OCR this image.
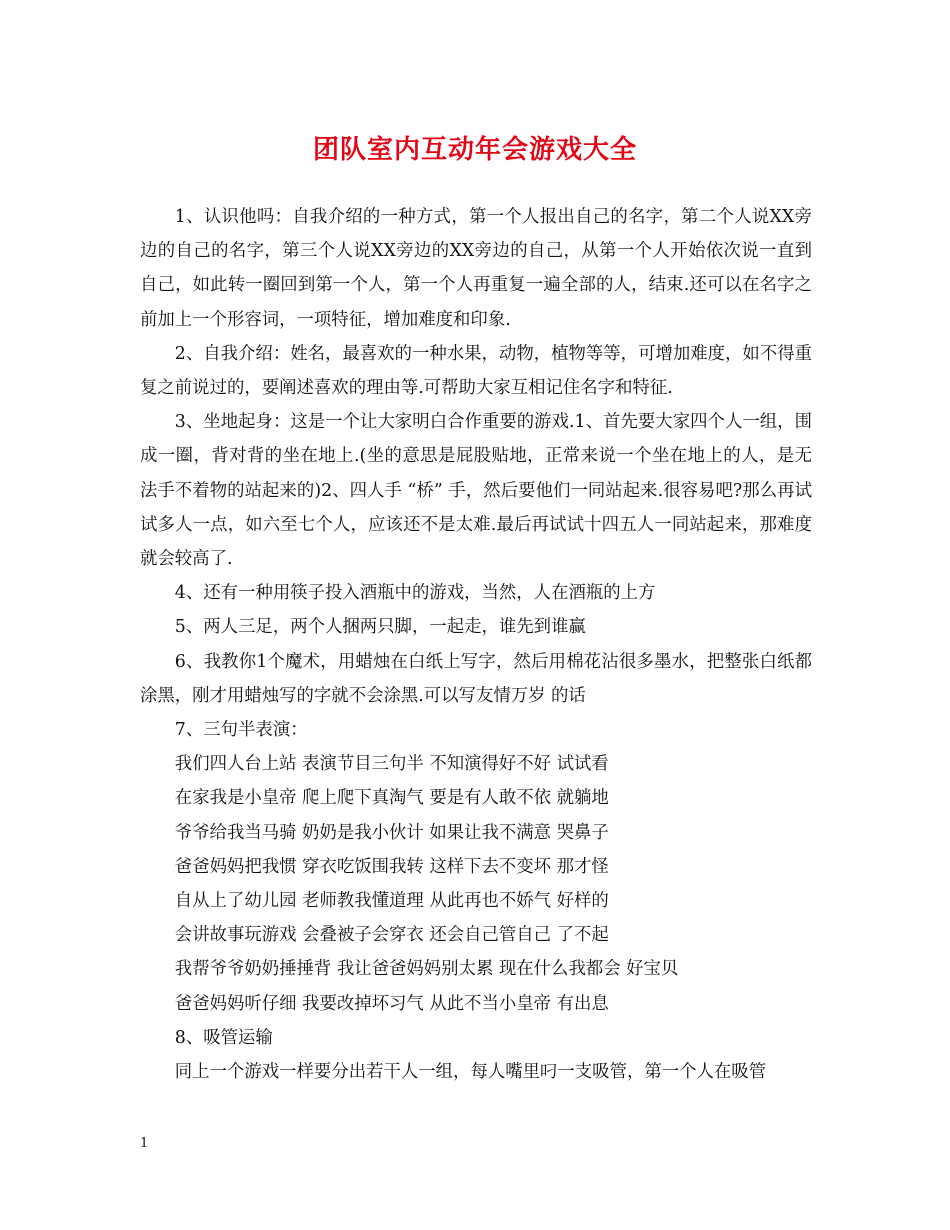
团队室内互动年会游戏大全

1、认识他吗：自我介绍的一种方式，第一个人报出自己的名字，第二个人说XX旁边的自己的名字，第三个人说XX旁边的XX旁边的自己，从第一个人开始依次说一直到自己，如此转一圈回到第一个人，第一个人再重复一遍全部的人，结束.还可以在名字之前加上一个形容词，一项特征，增加难度和印象.

2、自我介绍：姓名，最喜欢的一种水果，动物，植物等等，可增加难度，如不得重复之前说过的，要阐述喜欢的理由等.可帮助大家互相记住名字和特征.

3、坐地起身：这是一个让大家明白合作重要的游戏.1、首先要大家四个人一组，围成一圈，背对背的坐在地上.(坐的意思是屁股贴地，正常来说一个坐在地上的人，是无法手不着物的站起来的)2、四人手 “桥” 手，然后要他们一同站起来.很容易吧?那么再试试多人一点，如六至七个人，应该还不是太难.最后再试试十四五人一同站起来，那难度就会较高了.

4、还有一种用筷子投入酒瓶中的游戏，当然，人在酒瓶的上方

5、两人三足，两个人捆两只脚，一起走，谁先到谁赢

6、我教你1个魔术，用蜡烛在白纸上写字，然后用棉花沾很多墨水，把整张白纸都涂黑，刚才用蜡烛写的字就不会涂黑.可以写友情万岁 的话

7、三句半表演：

我们四人台上站 表演节目三句半 不知演得好不好 试试看

在家我是小皇帝 爬上爬下真淘气 要是有人敢不依 就躺地

爷爷给我当马骑 奶奶是我小伙计 如果让我不满意 哭鼻子

爸爸妈妈把我惯 穿衣吃饭围我转 这样下去不变坏 那才怪

自从上了幼儿园 老师教我懂道理 从此再也不娇气 好样的

会讲故事玩游戏 会叠被子会穿衣 还会自己管自己 了不起

我帮爷爷奶奶捶捶背 我让爸爸妈妈别太累 现在什么我都会 好宝贝

爸爸妈妈听仔细 我要改掉坏习气 从此不当小皇帝 有出息

8、吸管运输

同上一个游戏一样要分出若干人一组，每人嘴里叼一支吸管，第一个人在吸管

1
